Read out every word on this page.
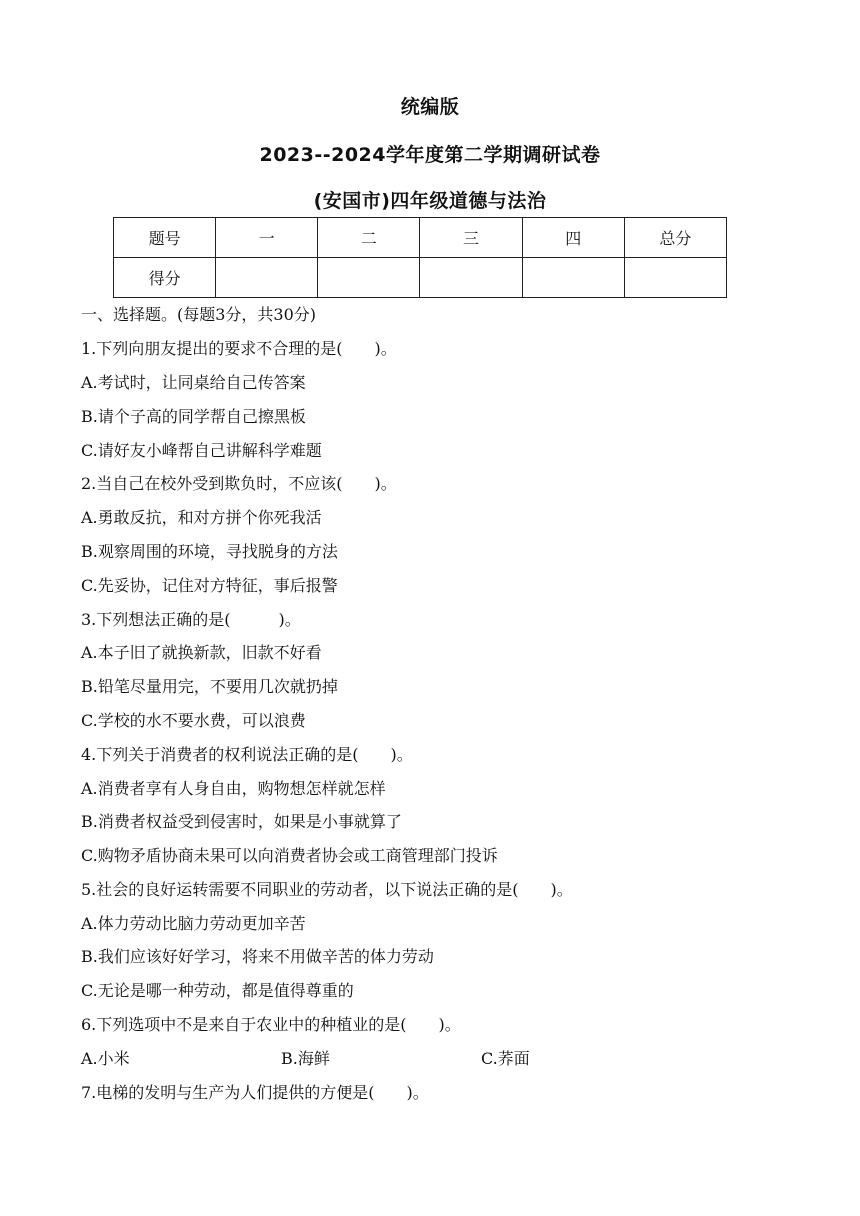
统编版
2023--2024学年度第二学期调研试卷
(安国市)四年级道德与法治
题号	一	二	三	四	总分
得分					
一、选择题。(每题3分，共30分)
1.下列向朋友提出的要求不合理的是(　　)。
A.考试时，让同桌给自己传答案
B.请个子高的同学帮自己擦黑板
C.请好友小峰帮自己讲解科学难题
2.当自己在校外受到欺负时，不应该(　　)。
A.勇敢反抗，和对方拼个你死我活
B.观察周围的环境，寻找脱身的方法
C.先妥协，记住对方特征，事后报警
3.下列想法正确的是(　　　)。
A.本子旧了就换新款，旧款不好看
B.铅笔尽量用完，不要用几次就扔掉
C.学校的水不要水费，可以浪费
4.下列关于消费者的权利说法正确的是(　　)。
A.消费者享有人身自由，购物想怎样就怎样
B.消费者权益受到侵害时，如果是小事就算了
C.购物矛盾协商未果可以向消费者协会或工商管理部门投诉
5.社会的良好运转需要不同职业的劳动者，以下说法正确的是(　　)。
A.体力劳动比脑力劳动更加辛苦
B.我们应该好好学习，将来不用做辛苦的体力劳动
C.无论是哪一种劳动，都是值得尊重的
6.下列选项中不是来自于农业中的种植业的是(　　)。
A.小米	B.海鲜	C.荞面
7.电梯的发明与生产为人们提供的方便是(　　)。
